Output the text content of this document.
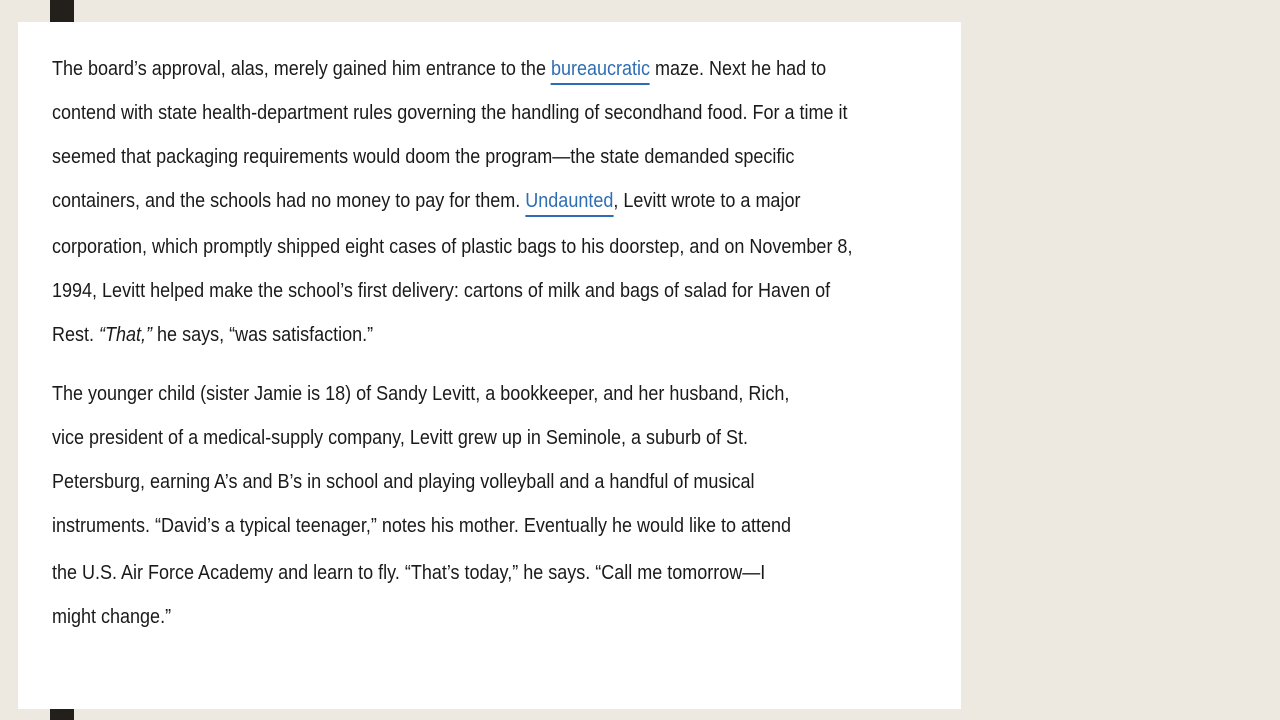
The board’s approval, alas, merely gained him entrance to the bureaucratic maze. Next he had to
contend with state health-department rules governing the handling of secondhand food. For a time it
seemed that packaging requirements would doom the program—the state demanded specific
containers, and the schools had no money to pay for them. Undaunted, Levitt wrote to a major
corporation, which promptly shipped eight cases of plastic bags to his doorstep, and on November 8,
1994, Levitt helped make the school’s first delivery: cartons of milk and bags of salad for Haven of
Rest. “That,” he says, “was satisfaction.”
The younger child (sister Jamie is 18) of Sandy Levitt, a bookkeeper, and her husband, Rich,
vice president of a medical-supply company, Levitt grew up in Seminole, a suburb of St.
Petersburg, earning A’s and B’s in school and playing volleyball and a handful of musical
instruments. “David’s a typical teenager,” notes his mother. Eventually he would like to attend
the U.S. Air Force Academy and learn to fly. “That’s today,” he says. “Call me tomorrow—I
might change.”
